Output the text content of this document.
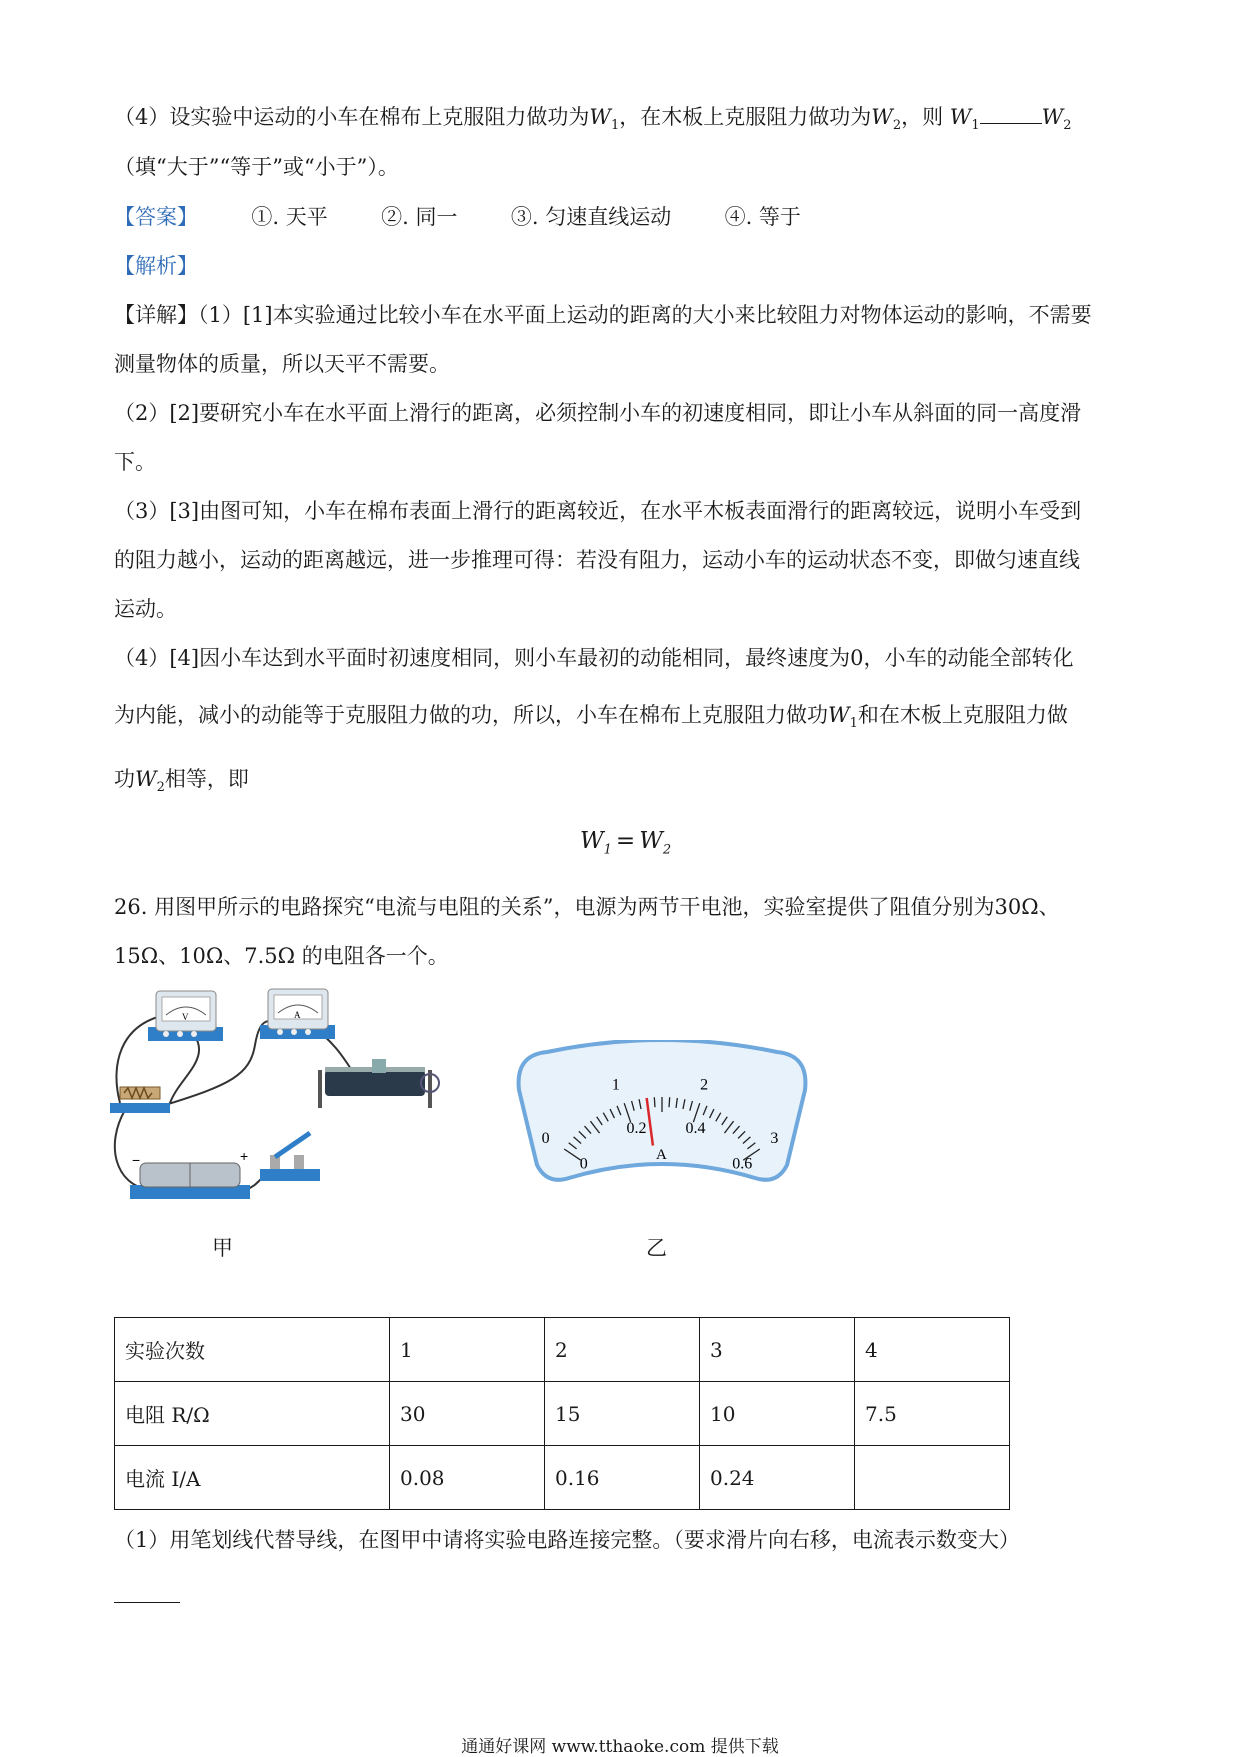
（4）设实验中运动的小车在棉布上克服阻力做功为$W_1$，在木板上克服阻力做功为$W_2$，则 $W_1$	$W_2$
（填“大于”“等于”或“小于”）。
【答案】	①. 天平	②. 同一	③. 匀速直线运动	④. 等于
【解析】
【详解】（1）[1]本实验通过比较小车在水平面上运动的距离的大小来比较阻力对物体运动的影响，不需要
测量物体的质量，所以天平不需要。
（2）[2]要研究小车在水平面上滑行的距离，必须控制小车的初速度相同，即让小车从斜面的同一高度滑
下。
（3）[3]由图可知，小车在棉布表面上滑行的距离较近，在水平木板表面滑行的距离较远，说明小车受到
的阻力越小，运动的距离越远，进一步推理可得：若没有阻力，运动小车的运动状态不变，即做匀速直线
运动。
（4）[4]因小车达到水平面时初速度相同，则小车最初的动能相同，最终速度为0，小车的动能全部转化
为内能，减小的动能等于克服阻力做的功，所以，小车在棉布上克服阻力做功$W_1$和在木板上克服阻力做
功$W_2$相等，即
$W_1 = W_2$
26. 用图甲所示的电路探究“电流与电阻的关系”，电源为两节干电池，实验室提供了阻值分别为30Ω、
15Ω、10Ω、7.5Ω 的电阻各一个。
V	A
−	+
甲
0
1	2
3
0
0.2 0.4
0.6
A
乙
实验次数	1	2	3	4
电阻 R/Ω	30	15	10	7.5
电流 I/A	0.08	0.16	0.24	
（1）用笔划线代替导线，在图甲中请将实验电路连接完整。（要求滑片向右移，电流表示数变大）
通通好课网 www.tthaoke.com 提供下载
